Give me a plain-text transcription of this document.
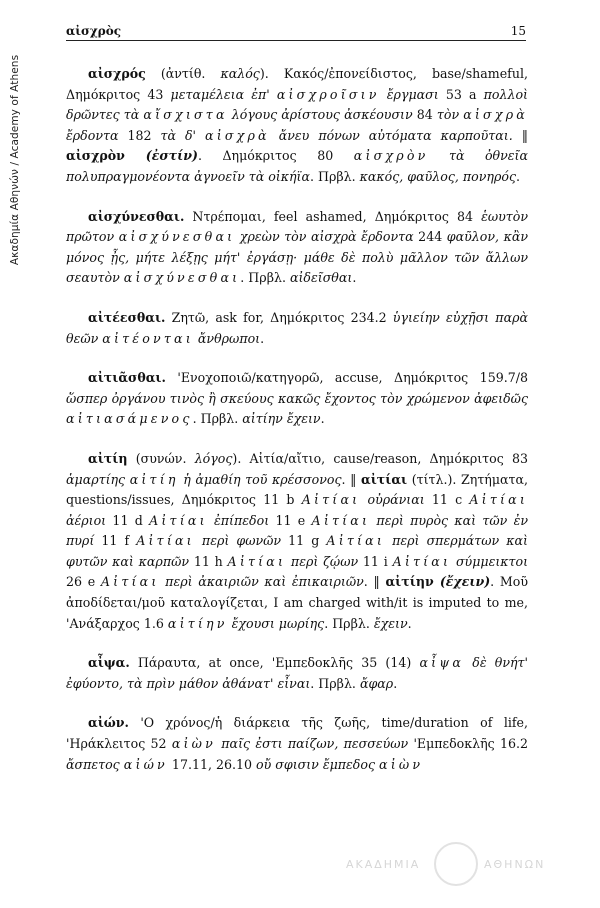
Ακαδημία Αθηνών / Academy of Athens
αἰσχρὸς	15

αἰσχρός (ἀντίθ. καλός). Κακός/ἐπονείδιστος, base/shameful, Δημόκριτος 43 μεταμέλεια ἐπ' αἰσχροῖσιν ἔργμασι 53 a πολλοὶ δρῶντες τὰ αἴσχιστα λόγους ἀρίστους ἀσκέουσιν 84 τὸν αἰσχρὰ ἔρδοντα 182 τὰ δ' αἰσχρὰ ἄνευ πόνων αὐτόματα καρποῦται. ‖ αἰσχρὸν (ἐστίν). Δημόκριτος 80 αἰσχρὸν τὰ ὀθνεῖα πολυπραγμονέοντα ἀγνοεῖν τὰ οἰκήϊα. Πρβλ. κακός, φαῦλος, πονηρός.

αἰσχύνεσθαι. Ντρέπομαι, feel ashamed, Δημόκριτος 84 ἑωυτὸν πρῶτον αἰσχύνεσθαι χρεὼν τὸν αἰσχρὰ ἔρδοντα 244 φαῦλον, κἂν μόνος ᾖς, μήτε λέξῃς μήτ' ἐργάσῃ· μάθε δὲ πολὺ μᾶλλον τῶν ἄλλων σεαυτὸν αἰσχύνεσθαι. Πρβλ. αἰδεῖσθαι.

αἰτέεσθαι. Ζητῶ, ask for, Δημόκριτος 234.2 ὑγιείην εὐχῇσι παρὰ θεῶν αἰτέονται ἄνθρωποι.

αἰτιᾶσθαι. 'Ενοχοποιῶ/κατηγορῶ, accuse, Δημόκριτος 159.7/8 ὥσπερ ὀργάνου τινὸς ἢ σκεύους κακῶς ἔχοντος τὸν χρώμενον ἀφειδῶς αἰτιασάμενος. Πρβλ. αἰτίην ἔχειν.

αἰτίη (συνών. λόγος). Αἰτία/αἴτιο, cause/reason, Δημόκριτος 83 ἁμαρτίης αἰτίη ἡ ἀμαθίη τοῦ κρέσσονος. ‖ αἰτίαι (τίτλ.). Ζητήματα, questions/issues, Δημόκριτος 11 b Αἰτίαι οὐράνιαι 11 c Αἰτίαι ἀέριοι 11 d Αἰτίαι ἐπίπεδοι 11 e Αἰτίαι περὶ πυρὸς καὶ τῶν ἐν πυρί 11 f Αἰτίαι περὶ φωνῶν 11 g Αἰτίαι περὶ σπερμάτων καὶ φυτῶν καὶ καρπῶν 11 h Αἰτίαι περὶ ζῴων 11 i Αἰτίαι σύμμεικτοι 26 e Αἰτίαι περὶ ἀκαιριῶν καὶ ἐπικαιριῶν. ‖ αἰτίην (ἔχειν). Μοῦ ἀποδίδεται/μοῦ καταλογίζεται, I am charged with/it is imputed to me, 'Ανάξαρχος 1.6 αἰτίην ἔχουσι μωρίης. Πρβλ. ἔχειν.

αἶψα. Πάραυτα, at once, 'Εμπεδοκλῆς 35 (14) αἶψα δὲ θνήτ' ἐφύοντο, τὰ πρὶν μάθον ἀθάνατ' εἶναι. Πρβλ. ἄφαρ.

αἰών. 'Ο χρόνος/ἡ διάρκεια τῆς ζωῆς, time/duration of life, 'Ηράκλειτος 52 αἰὼν παῖς ἐστι παίζων, πεσσεύων 'Εμπεδοκλῆς 16.2 ἄσπετος αἰών 17.11, 26.10 οὔ σφισιν ἔμπεδος αἰὼν

ΑΚΑΔΗΜΙΑ	ΑΘΗΝΩΝ
